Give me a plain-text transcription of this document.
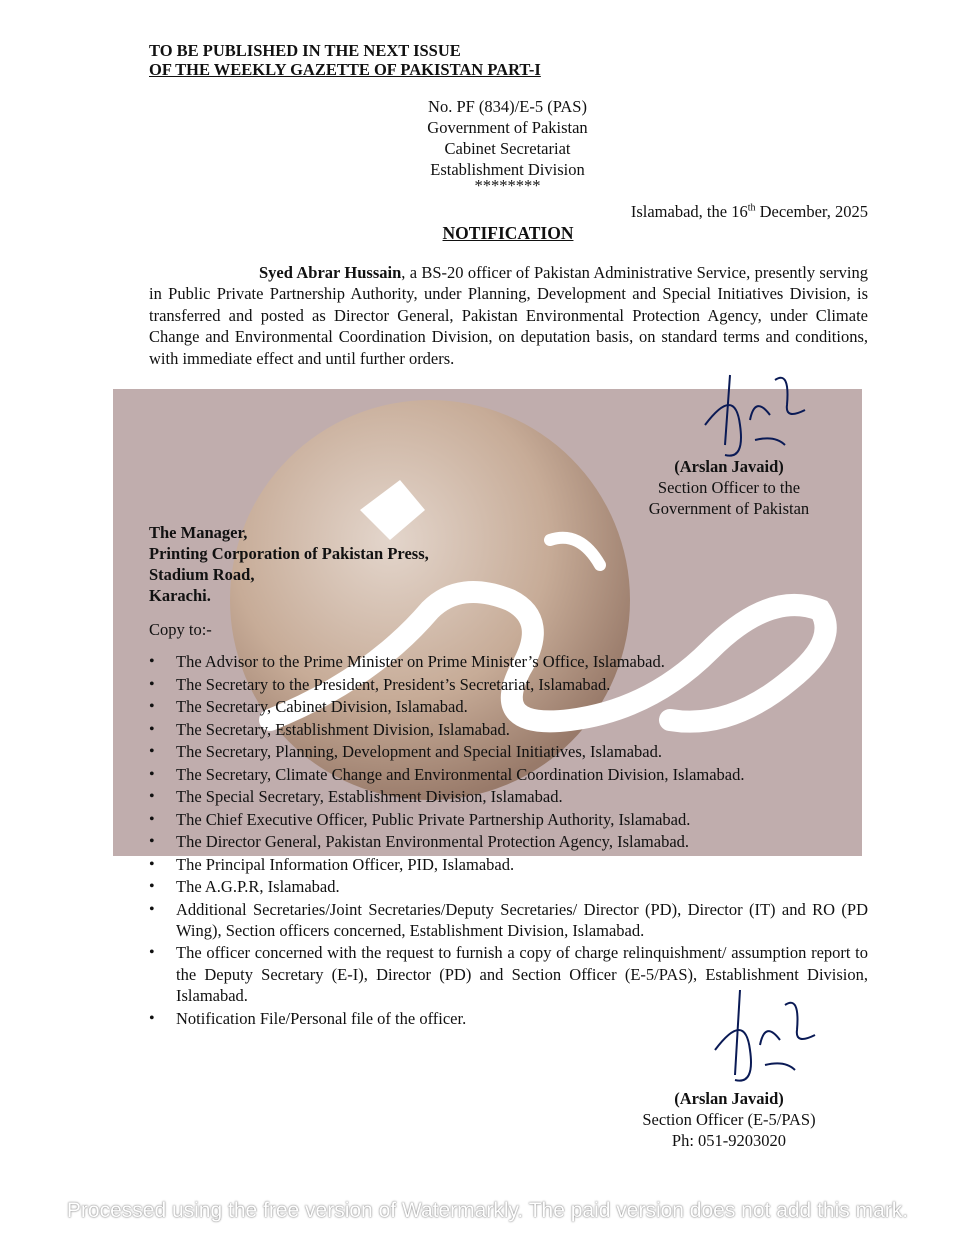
TO BE PUBLISHED IN THE NEXT ISSUE
OF THE WEEKLY GAZETTE OF PAKISTAN PART-I
No. PF (834)/E-5 (PAS)
Government of Pakistan
Cabinet Secretariat
Establishment Division
********
Islamabad, the 16th December, 2025
NOTIFICATION
Syed Abrar Hussain, a BS-20 officer of Pakistan Administrative Service, presently serving in Public Private Partnership Authority, under Planning, Development and Special Initiatives Division, is transferred and posted as Director General, Pakistan Environmental Protection Agency, under Climate Change and Environmental Coordination Division, on deputation basis, on standard terms and conditions, with immediate effect and until further orders.
(Arslan Javaid)
Section Officer to the
Government of Pakistan
The Manager,
Printing Corporation of Pakistan Press,
Stadium Road,
Karachi.
Copy to:-
• The Advisor to the Prime Minister on Prime Minister’s Office, Islamabad.
• The Secretary to the President, President’s Secretariat, Islamabad.
• The Secretary, Cabinet Division, Islamabad.
• The Secretary, Establishment Division, Islamabad.
• The Secretary, Planning, Development and Special Initiatives, Islamabad.
• The Secretary, Climate Change and Environmental Coordination Division, Islamabad.
• The Special Secretary, Establishment Division, Islamabad.
• The Chief Executive Officer, Public Private Partnership Authority, Islamabad.
• The Director General, Pakistan Environmental Protection Agency, Islamabad.
• The Principal Information Officer, PID, Islamabad.
• The A.G.P.R, Islamabad.
• Additional Secretaries/Joint Secretaries/Deputy Secretaries/ Director (PD), Director (IT) and RO (PD Wing), Section officers concerned, Establishment Division, Islamabad.
• The officer concerned with the request to furnish a copy of charge relinquishment/ assumption report to the Deputy Secretary (E-I), Director (PD) and Section Officer (E-5/PAS), Establishment Division, Islamabad.
• Notification File/Personal file of the officer.
(Arslan Javaid)
Section Officer (E-5/PAS)
Ph: 051-9203020
Processed using the free version of Watermarkly. The paid version does not add this mark.
